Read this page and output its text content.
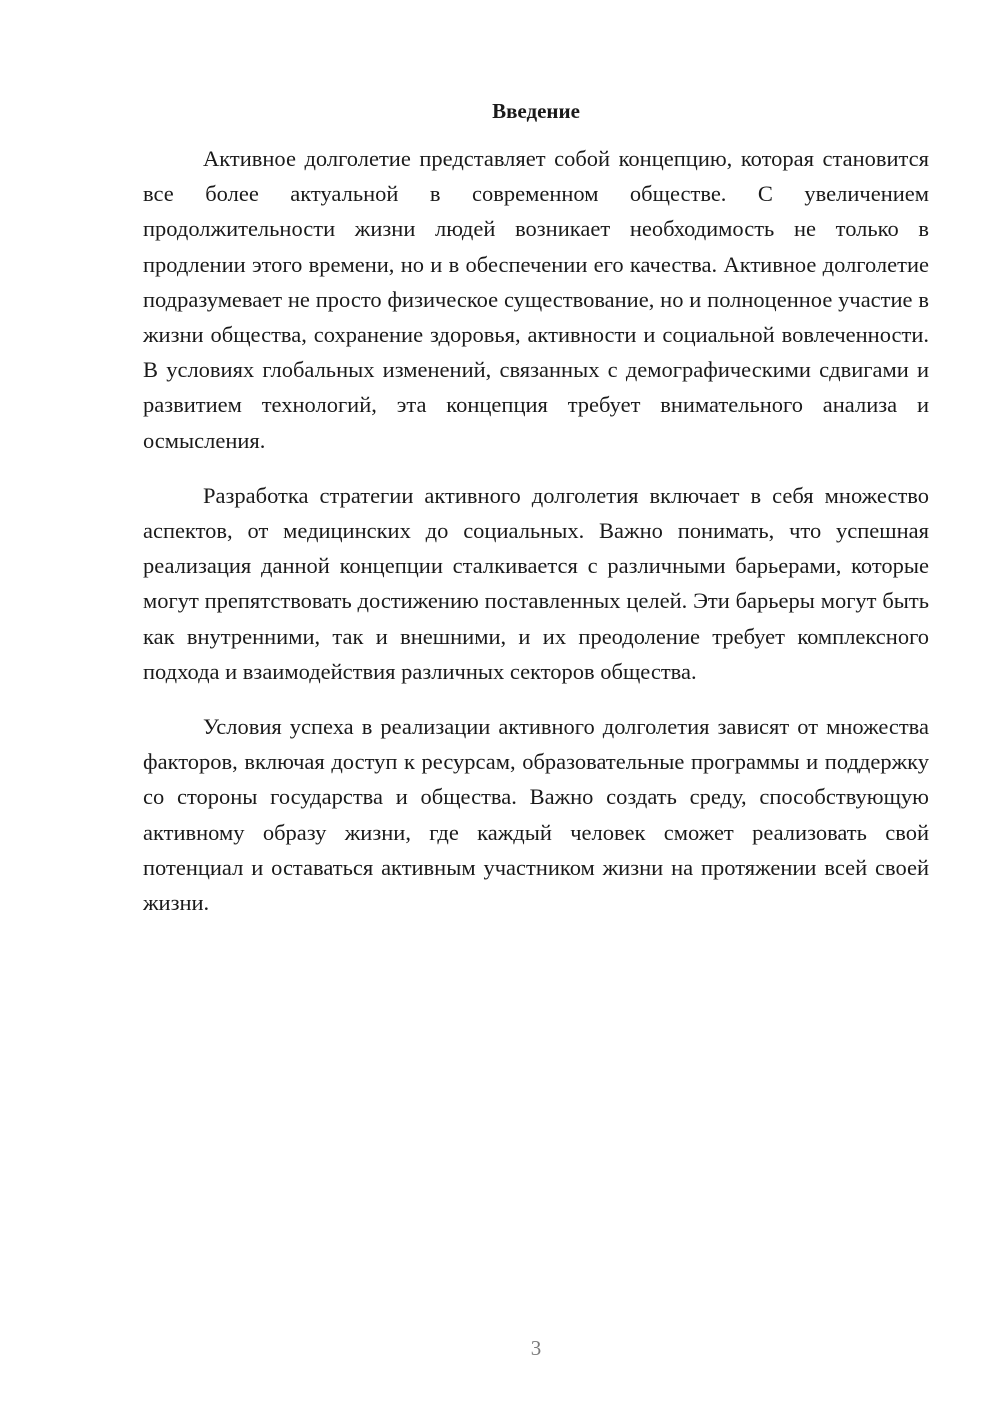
Введение

Активное долголетие представляет собой концепцию, которая становится все более актуальной в современном обществе. С увеличением продолжительности жизни людей возникает необходимость не только в продлении этого времени, но и в обеспечении его качества. Активное долголетие подразумевает не просто физическое существование, но и полноценное участие в жизни общества, сохранение здоровья, активности и социальной вовлеченности. В условиях глобальных изменений, связанных с демографическими сдвигами и развитием технологий, эта концепция требует внимательного анализа и осмысления.

Разработка стратегии активного долголетия включает в себя множество аспектов, от медицинских до социальных. Важно понимать, что успешная реализация данной концепции сталкивается с различными барьерами, которые могут препятствовать достижению поставленных целей. Эти барьеры могут быть как внутренними, так и внешними, и их преодоление требует комплексного подхода и взаимодействия различных секторов общества.

Условия успеха в реализации активного долголетия зависят от множества факторов, включая доступ к ресурсам, образовательные программы и поддержку со стороны государства и общества. Важно создать среду, способствующую активному образу жизни, где каждый человек сможет реализовать свой потенциал и оставаться активным участником жизни на протяжении всей своей жизни.

3
